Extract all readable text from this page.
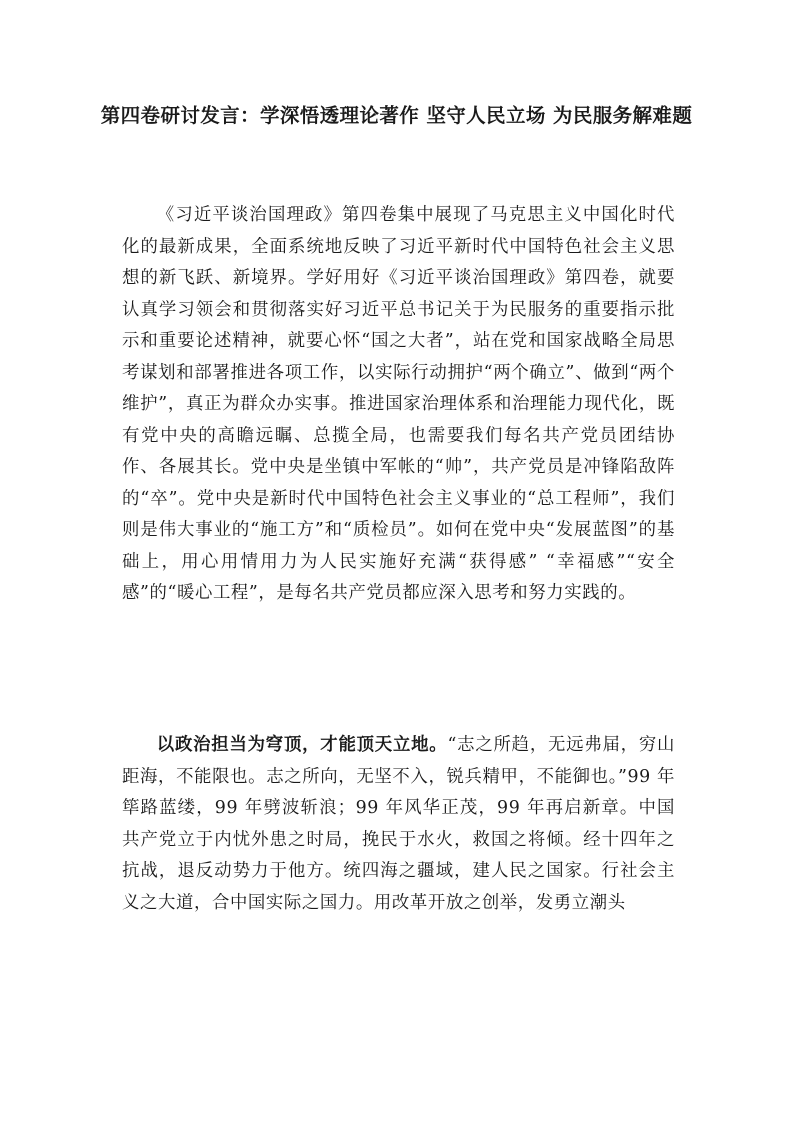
第四卷研讨发言：学深悟透理论著作 坚守人民立场 为民服务解难题

《习近平谈治国理政》第四卷集中展现了马克思主义中国化时代化的最新成果，全面系统地反映了习近平新时代中国特色社会主义思想的新飞跃、新境界。学好用好《习近平谈治国理政》第四卷，就要认真学习领会和贯彻落实好习近平总书记关于为民服务的重要指示批示和重要论述精神，就要心怀“国之大者”，站在党和国家战略全局思考谋划和部署推进各项工作，以实际行动拥护“两个确立”、做到“两个维护”，真正为群众办实事。推进国家治理体系和治理能力现代化，既有党中央的高瞻远瞩、总揽全局，也需要我们每名共产党员团结协作、各展其长。党中央是坐镇中军帐的“帅”，共产党员是冲锋陷敌阵的“卒”。党中央是新时代中国特色社会主义事业的“总工程师”，我们则是伟大事业的“施工方”和“质检员”。如何在党中央“发展蓝图”的基础上，用心用情用力为人民实施好充满“获得感” “幸福感”“安全感”的“暖心工程”，是每名共产党员都应深入思考和努力实践的。

以政治担当为穹顶，才能顶天立地。“志之所趋，无远弗届，穷山距海，不能限也。志之所向，无坚不入，锐兵精甲，不能御也。”99 年筚路蓝缕，99 年劈波斩浪；99 年风华正茂，99 年再启新章。中国共产党立于内忧外患之时局，挽民于水火，救国之将倾。经十四年之抗战，退反动势力于他方。统四海之疆域，建人民之国家。行社会主义之大道，合中国实际之国力。用改革开放之创举，发勇立潮头
